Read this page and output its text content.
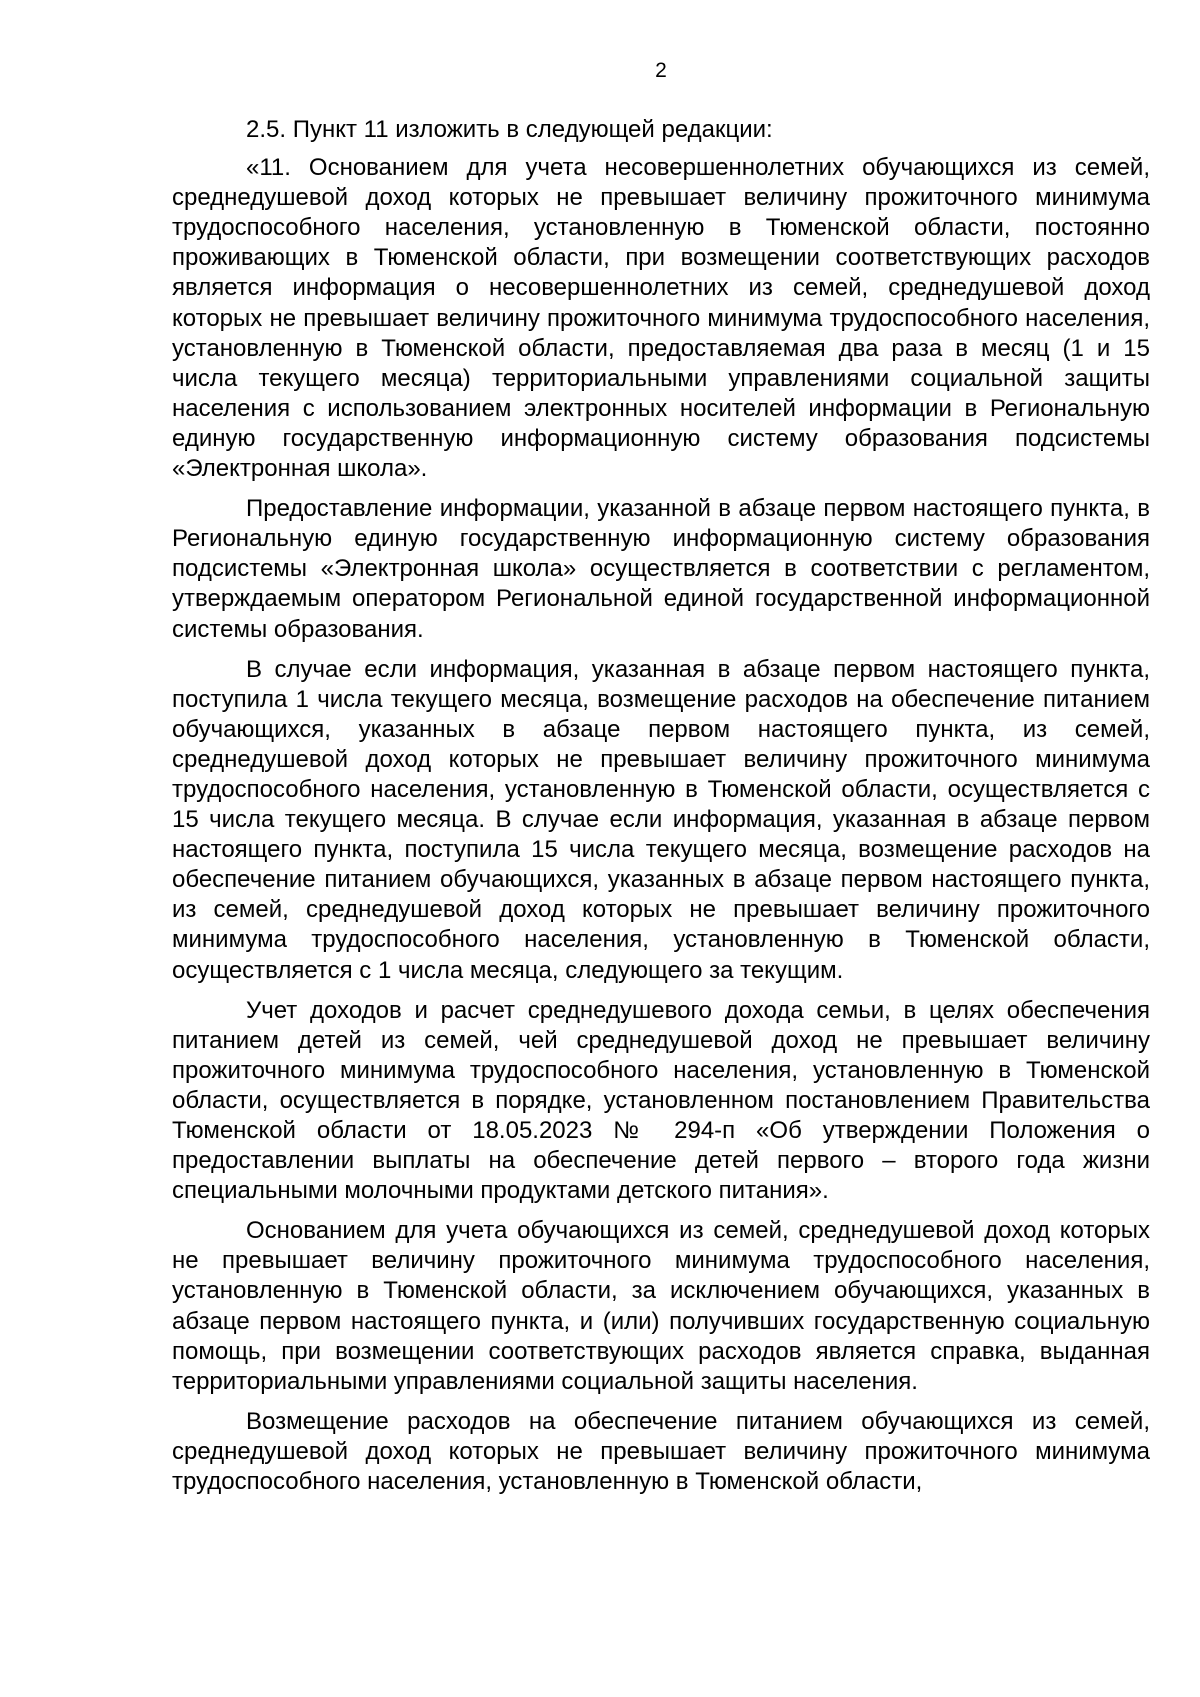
2

2.5. Пункт 11 изложить в следующей редакции:

«11. Основанием для учета несовершеннолетних обучающихся из семей, среднедушевой доход которых не превышает величину прожиточного минимума трудоспособного населения, установленную в Тюменской области, постоянно проживающих в Тюменской области, при возмещении соответствующих расходов является информация о несовершеннолетних из семей, среднедушевой доход которых не превышает величину прожиточного минимума трудоспособного населения, установленную в Тюменской области, предоставляемая два раза в месяц (1 и 15 числа текущего месяца) территориальными управлениями социальной защиты населения с использованием электронных носителей информации в Региональную единую государственную информационную систему образования подсистемы «Электронная школа».

Предоставление информации, указанной в абзаце первом настоящего пункта, в Региональную единую государственную информационную систему образования подсистемы «Электронная школа» осуществляется в соответствии с регламентом, утверждаемым оператором Региональной единой государственной информационной системы образования.

В случае если информация, указанная в абзаце первом настоящего пункта, поступила 1 числа текущего месяца, возмещение расходов на обеспечение питанием обучающихся, указанных в абзаце первом настоящего пункта, из семей, среднедушевой доход которых не превышает величину прожиточного минимума трудоспособного населения, установленную в Тюменской области, осуществляется с 15 числа текущего месяца. В случае если информация, указанная в абзаце первом настоящего пункта, поступила 15 числа текущего месяца, возмещение расходов на обеспечение питанием обучающихся, указанных в абзаце первом настоящего пункта, из семей, среднедушевой доход которых не превышает величину прожиточного минимума трудоспособного населения, установленную в Тюменской области, осуществляется с 1 числа месяца, следующего за текущим.

Учет доходов и расчет среднедушевого дохода семьи, в целях обеспечения питанием детей из семей, чей среднедушевой доход не превышает величину прожиточного минимума трудоспособного населения, установленную в Тюменской области, осуществляется в порядке, установленном постановлением Правительства Тюменской области от 18.05.2023 № 294-п «Об утверждении Положения о предоставлении выплаты на обеспечение детей первого – второго года жизни специальными молочными продуктами детского питания».

Основанием для учета обучающихся из семей, среднедушевой доход которых не превышает величину прожиточного минимума трудоспособного населения, установленную в Тюменской области, за исключением обучающихся, указанных в абзаце первом настоящего пункта, и (или) получивших государственную социальную помощь, при возмещении соответствующих расходов является справка, выданная территориальными управлениями социальной защиты населения.

Возмещение расходов на обеспечение питанием обучающихся из семей, среднедушевой доход которых не превышает величину прожиточного минимума трудоспособного населения, установленную в Тюменской области,
